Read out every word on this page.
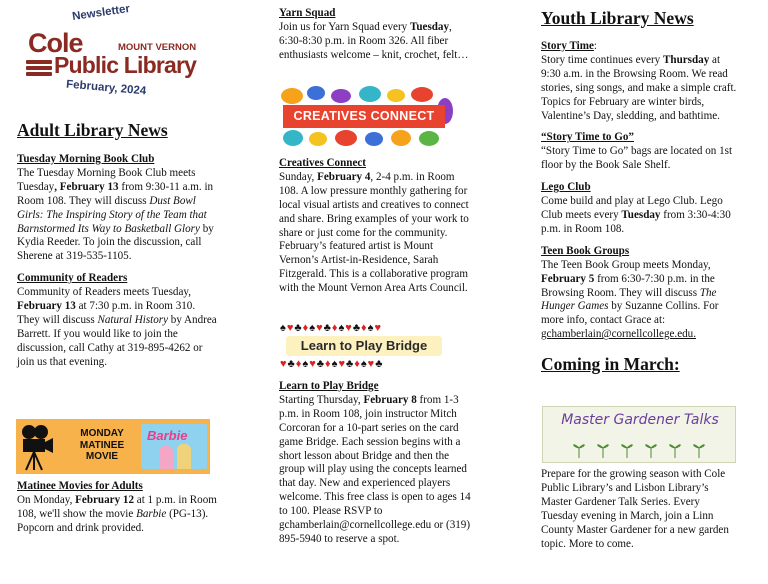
Newsletter
Cole	MOUNT VERNON
Public Library
February, 2024
Adult Library News
Tuesday Morning Book Club

The Tuesday Morning Book Club meets Tuesday, February 13 from 9:30-11 a.m. in Room 108. They will discuss Dust Bowl Girls: The Inspiring Story of the Team that Barnstormed Its Way to Basketball Glory by Kydia Reeder. To join the discussion, call Sherene at 319-535-1105.

Community of Readers

Community of Readers meets Tuesday, February 13 at 7:30 p.m. in Room 310. They will discuss Natural History by Andrea Barrett. If you would like to join the discussion, call Cathy at 319-895-4262 or join us that evening.

MONDAY
MATINEE
MOVIE
Barbie
Matinee Movies for Adults

On Monday, February 12 at 1 p.m. in Room 108, we'll show the movie Barbie (PG-13). Popcorn and drink provided.

Yarn Squad

Join us for Yarn Squad every Tuesday, 6:30-8:30 p.m. in Room 326. All fiber enthusiasts welcome – knit, crochet, felt…

CREATIVES CONNECT
Creatives Connect

Sunday, February 4, 2-4 p.m. in Room 108. A low pressure monthly gathering for local visual artists and creatives to connect and share. Bring examples of your work to share or just come for the community. February’s featured artist is Mount Vernon’s Artist-in-Residence, Sarah Fitzgerald. This is a collaborative program with the Mount Vernon Area Arts Council.

♠♥♣♦♠♥♣♦♠♥♣♦♠♥
Learn to Play Bridge
♥♣♦♠♥♣♦♠♥♣♦♠♥♣
Learn to Play Bridge

Starting Thursday, February 8 from 1-3 p.m. in Room 108, join instructor Mitch Corcoran for a 10-part series on the card game Bridge. Each session begins with a short lesson about Bridge and then the group will play using the concepts learned that day. New and experienced players welcome. This free class is open to ages 14 to 100. Please RSVP to gchamberlain@cornellcollege.edu or (319) 895-5940 to reserve a spot.

Youth Library News

Story Time:
Story time continues every Thursday at 9:30 a.m. in the Browsing Room. We read stories, sing songs, and make a simple craft. Topics for February are winter birds, Valentine’s Day, sledding, and bathtime.

“Story Time to Go”

“Story Time to Go” bags are located on 1st floor by the Book Sale Shelf.

Lego Club

Come build and play at Lego Club. Lego Club meets every Tuesday from 3:30-4:30 p.m. in Room 108.

Teen Book Groups

The Teen Book Group meets Monday, February 5 from 6:30-7:30 p.m. in the Browsing Room. They will discuss The Hunger Games by Suzanne Collins. For more info, contact Grace at: gchamberlain@cornellcollege.edu.

Coming in March:
Master Gardener Talks

Prepare for the growing season with Cole Public Library’s and Lisbon Library’s Master Gardener Talk Series. Every Tuesday evening in March, join a Linn County Master Gardener for a new garden topic. More to come.
